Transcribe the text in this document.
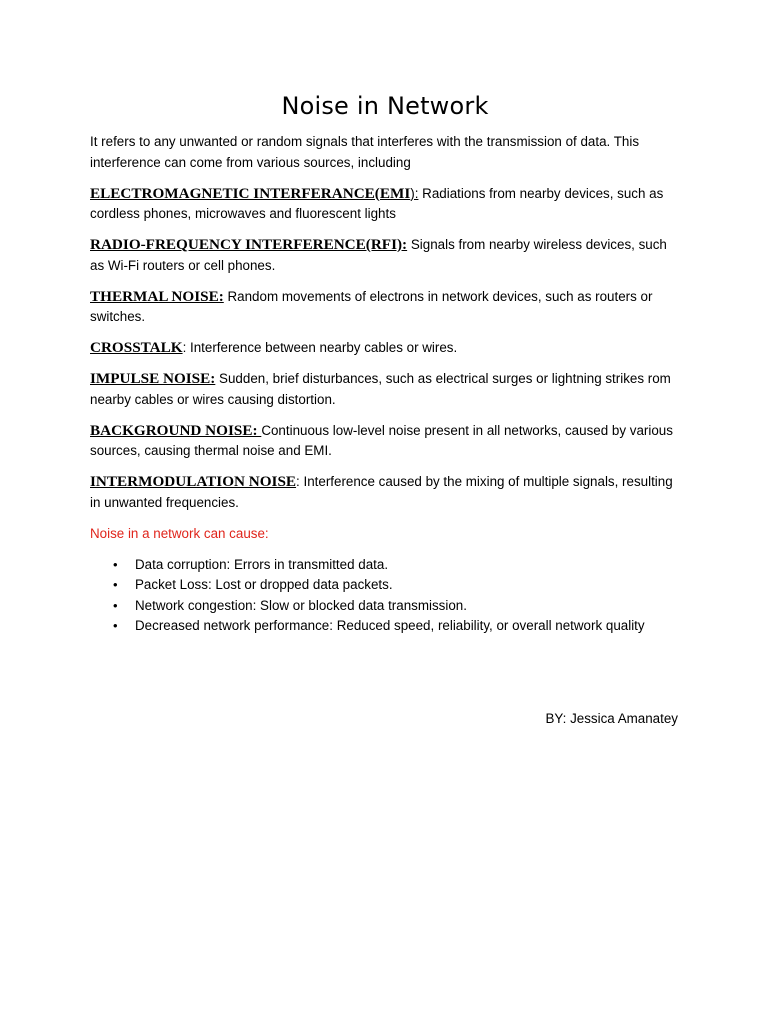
Noise in Network

It refers to any unwanted or random signals that interferes with the transmission of data. This interference can come from various sources, including

ELECTROMAGNETIC INTERFERANCE(EMI): Radiations from nearby devices, such as cordless phones, microwaves and fluorescent lights

RADIO-FREQUENCY INTERFERENCE(RFI): Signals from nearby wireless devices, such as Wi-Fi routers or cell phones.

THERMAL NOISE: Random movements of electrons in network devices, such as routers or switches.

CROSSTALK: Interference between nearby cables or wires.

IMPULSE NOISE: Sudden, brief disturbances, such as electrical surges or lightning strikes rom nearby cables or wires causing distortion.

BACKGROUND NOISE: Continuous low-level noise present in all networks, caused by various sources, causing thermal noise and EMI.

INTERMODULATION NOISE: Interference caused by the mixing of multiple signals, resulting in unwanted frequencies.

Noise in a network can cause:

• Data corruption: Errors in transmitted data.
• Packet Loss: Lost or dropped data packets.
• Network congestion: Slow or blocked data transmission.
• Decreased network performance: Reduced speed, reliability, or overall network quality
BY: Jessica Amanatey
